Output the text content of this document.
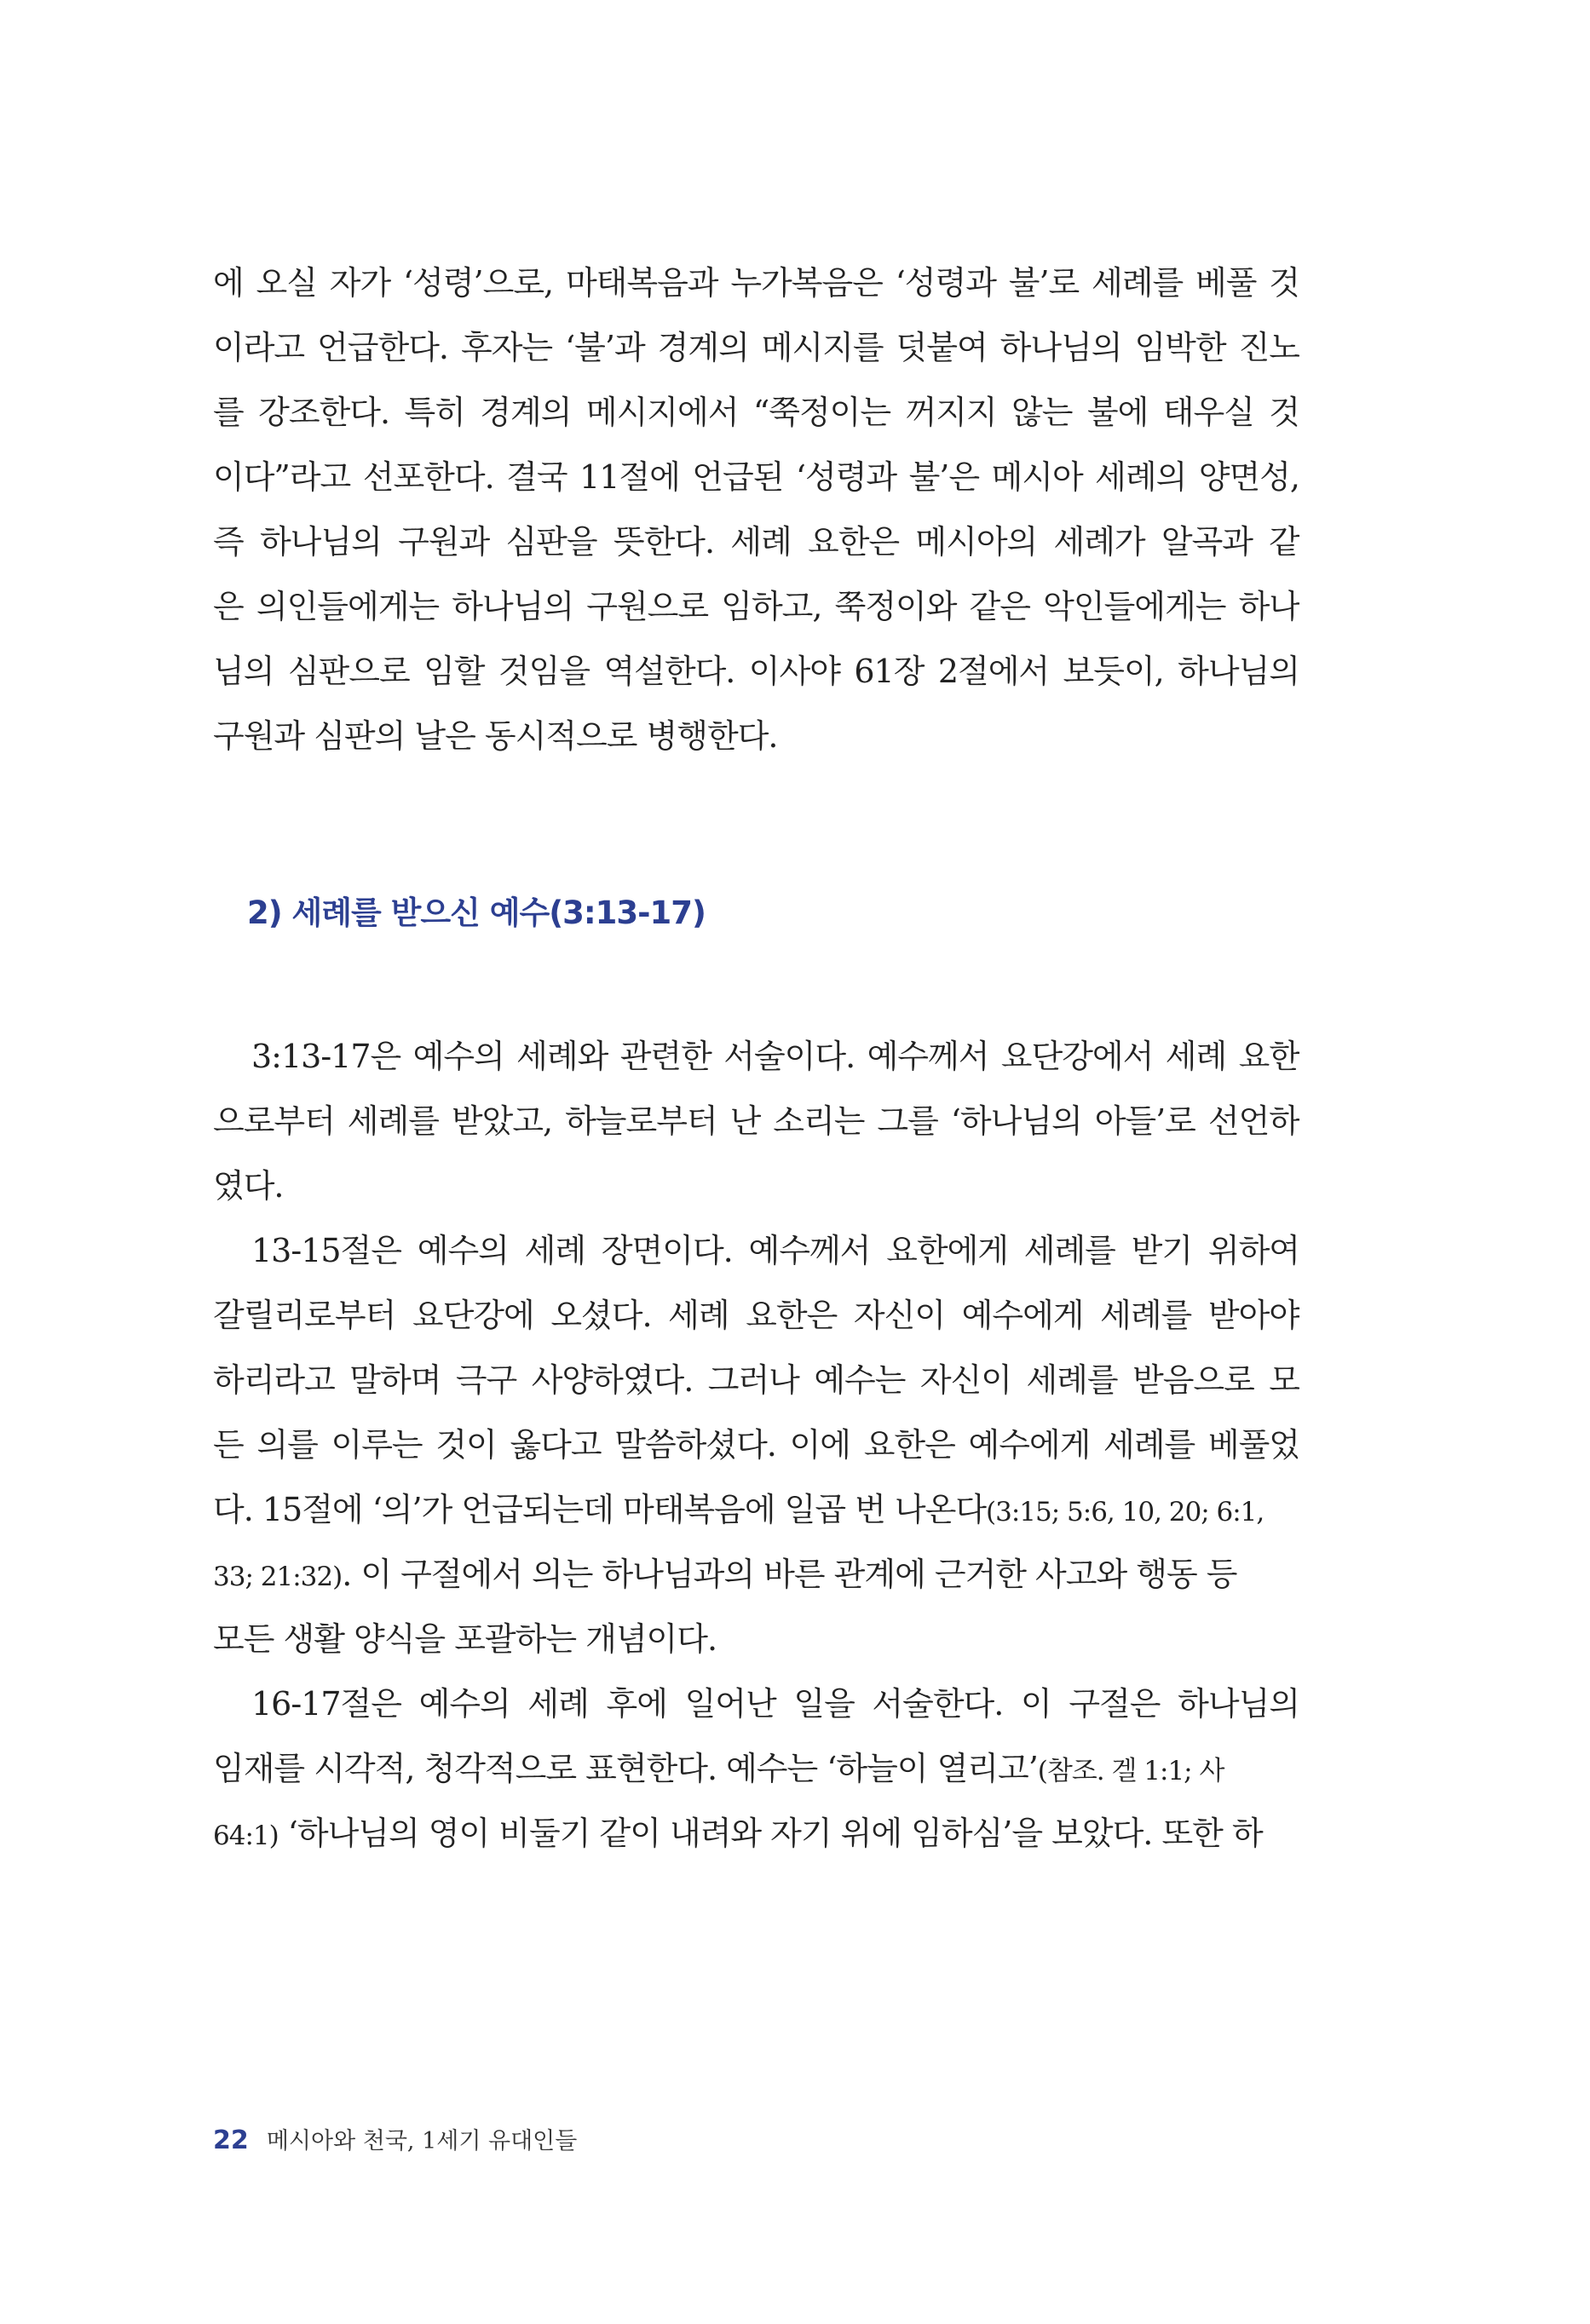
에 오실 자가 ‘성령’으로, 마태복음과 누가복음은 ‘성령과 불’로 세례를 베풀 것
이라고 언급한다. 후자는 ‘불’과 경계의 메시지를 덧붙여 하나님의 임박한 진노
를 강조한다. 특히 경계의 메시지에서 “쭉정이는 꺼지지 않는 불에 태우실 것
이다”라고 선포한다. 결국 11절에 언급된 ‘성령과 불’은 메시아 세례의 양면성,
즉 하나님의 구원과 심판을 뜻한다. 세례 요한은 메시아의 세례가 알곡과 같
은 의인들에게는 하나님의 구원으로 임하고, 쭉정이와 같은 악인들에게는 하나
님의 심판으로 임할 것임을 역설한다. 이사야 61장 2절에서 보듯이, 하나님의
구원과 심판의 날은 동시적으로 병행한다.
2) 세례를 받으신 예수(3:13-17)
3:13-17은 예수의 세례와 관련한 서술이다. 예수께서 요단강에서 세례 요한
으로부터 세례를 받았고, 하늘로부터 난 소리는 그를 ‘하나님의 아들’로 선언하
였다.
13-15절은 예수의 세례 장면이다. 예수께서 요한에게 세례를 받기 위하여
갈릴리로부터 요단강에 오셨다. 세례 요한은 자신이 예수에게 세례를 받아야
하리라고 말하며 극구 사양하였다. 그러나 예수는 자신이 세례를 받음으로 모
든 의를 이루는 것이 옳다고 말씀하셨다. 이에 요한은 예수에게 세례를 베풀었
다. 15절에 ‘의’가 언급되는데 마태복음에 일곱 번 나온다(3:15; 5:6, 10, 20; 6:1,
33; 21:32). 이 구절에서 의는 하나님과의 바른 관계에 근거한 사고와 행동 등
모든 생활 양식을 포괄하는 개념이다.
16-17절은 예수의 세례 후에 일어난 일을 서술한다. 이 구절은 하나님의
임재를 시각적, 청각적으로 표현한다. 예수는 ‘하늘이 열리고’(참조. 겔 1:1; 사
64:1) ‘하나님의 영이 비둘기 같이 내려와 자기 위에 임하심’을 보았다. 또한 하
22 메시아와 천국, 1세기 유대인들
